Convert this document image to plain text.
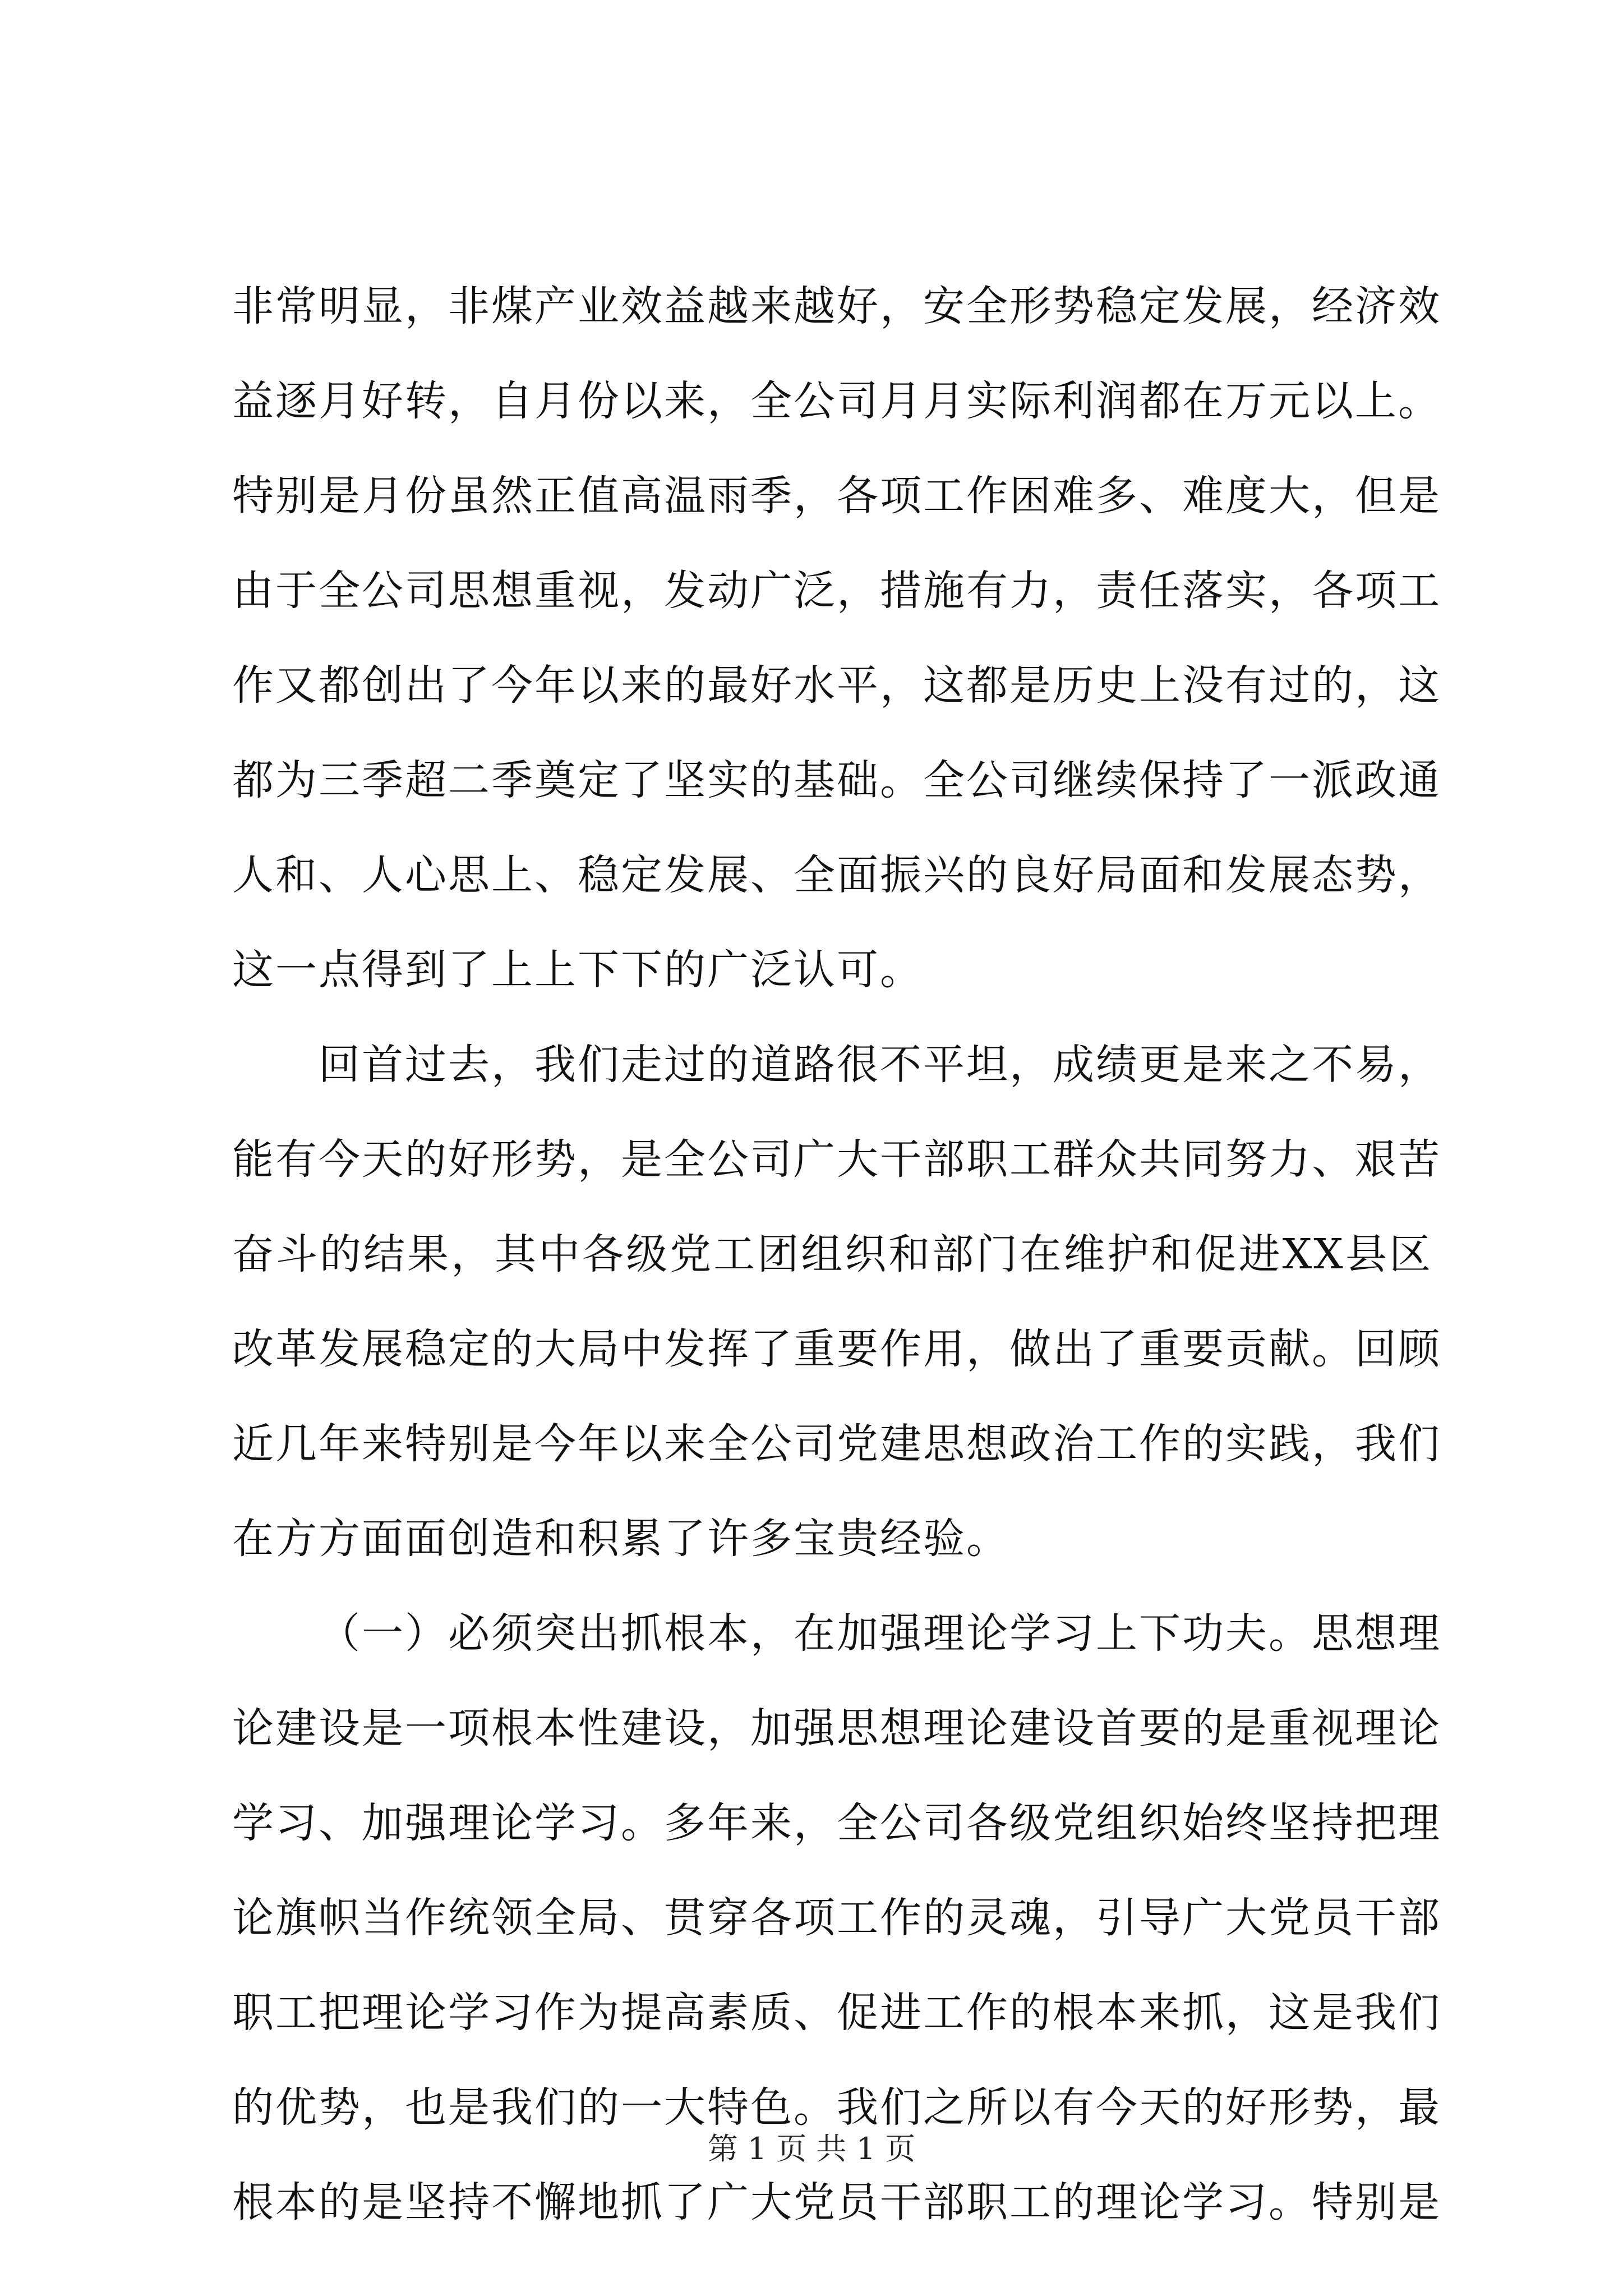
非常明显，非煤产业效益越来越好，安全形势稳定发展，经济效
益逐月好转，自月份以来，全公司月月实际利润都在万元以上。
特别是月份虽然正值高温雨季，各项工作困难多、难度大，但是
由于全公司思想重视，发动广泛，措施有力，责任落实，各项工
作又都创出了今年以来的最好水平，这都是历史上没有过的，这
都为三季超二季奠定了坚实的基础。全公司继续保持了一派政通
人和、人心思上、稳定发展、全面振兴的良好局面和发展态势，
这一点得到了上上下下的广泛认可。
回首过去，我们走过的道路很不平坦，成绩更是来之不易，
能有今天的好形势，是全公司广大干部职工群众共同努力、艰苦
奋斗的结果，其中各级党工团组织和部门在维护和促进XX县区
改革发展稳定的大局中发挥了重要作用，做出了重要贡献。回顾
近几年来特别是今年以来全公司党建思想政治工作的实践，我们
在方方面面创造和积累了许多宝贵经验。
（一）必须突出抓根本，在加强理论学习上下功夫。思想理
论建设是一项根本性建设，加强思想理论建设首要的是重视理论
学习、加强理论学习。多年来，全公司各级党组织始终坚持把理
论旗帜当作统领全局、贯穿各项工作的灵魂，引导广大党员干部
职工把理论学习作为提高素质、促进工作的根本来抓，这是我们
的优势，也是我们的一大特色。我们之所以有今天的好形势，最
根本的是坚持不懈地抓了广大党员干部职工的理论学习。特别是
第 1 页 共 1 页
